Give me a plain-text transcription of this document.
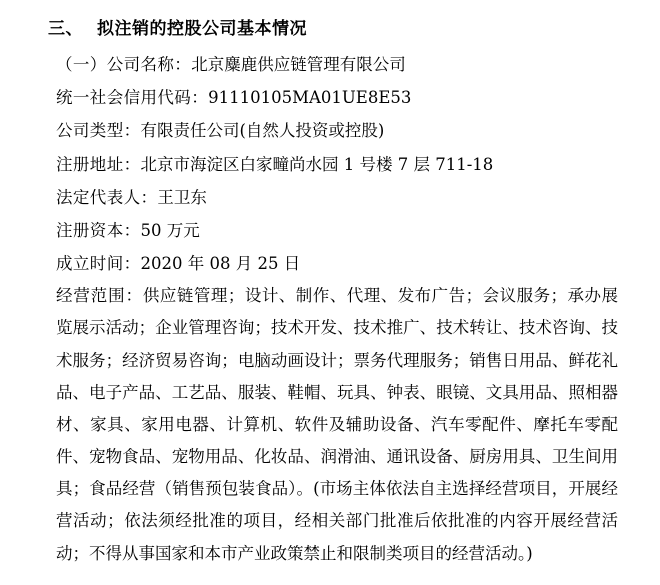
三、 拟注销的控股公司基本情况

（一）公司名称：北京麋鹿供应链管理有限公司

统一社会信用代码：91110105MA01UE8E53

公司类型：有限责任公司(自然人投资或控股)

注册地址：北京市海淀区白家疃尚水园 1 号楼 7 层 711-18

法定代表人：王卫东

注册资本：50 万元

成立时间：2020 年 08 月 25 日

经营范围：供应链管理；设计、制作、代理、发布广告；会议服务；承办展览展示活动；企业管理咨询；技术开发、技术推广、技术转让、技术咨询、技术服务；经济贸易咨询；电脑动画设计；票务代理服务；销售日用品、鲜花礼品、电子产品、工艺品、服装、鞋帽、玩具、钟表、眼镜、文具用品、照相器材、家具、家用电器、计算机、软件及辅助设备、汽车零配件、摩托车零配件、宠物食品、宠物用品、化妆品、润滑油、通讯设备、厨房用具、卫生间用具；食品经营（销售预包装食品）。(市场主体依法自主选择经营项目，开展经营活动；依法须经批准的项目，经相关部门批准后依批准的内容开展经营活动；不得从事国家和本市产业政策禁止和限制类项目的经营活动。)
